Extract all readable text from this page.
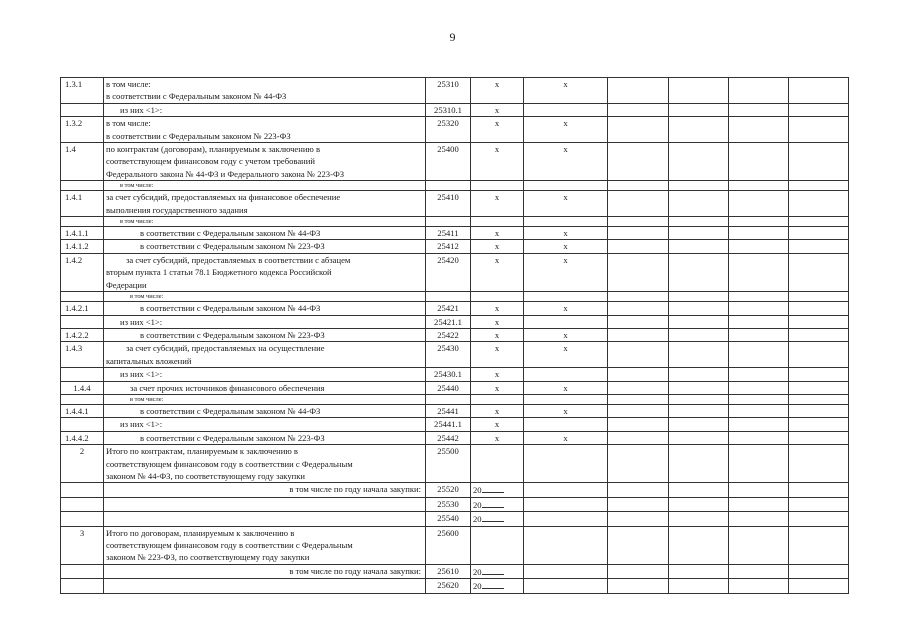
9
1.3.1	в том числе:
в соответствии с Федеральным законом № 44-ФЗ	25310	х	х				

	из них <1>:	25310.1	х					
1.3.2	в том числе:
в соответствии с Федеральным законом № 223-ФЗ	25320	х	х				
1.4	по контрактам (договорам), планируемым к заключению в
соответствующем финансовом году с учетом требований
Федерального закона № 44-ФЗ и Федерального закона № 223-ФЗ	25400	х	х				

	в том числе:							

1.4.1	за счет субсидий, предоставляемых на финансовое обеспечение
выполнения государственного задания	25410	х	х				

	в том числе:							

1.4.1.1	в соответствии с Федеральным законом № 44-ФЗ	25411	х	х				
1.4.1.2	в соответствии с Федеральным законом № 223-ФЗ	25412	х	х				
1.4.2	за счет субсидий, предоставляемых в соответствии с абзацем
вторым пункта 1 статьи 78.1 Бюджетного кодекса Российской
Федерации	25420	х	х				

	в том числе:							

1.4.2.1	в соответствии с Федеральным законом № 44-ФЗ	25421	х	х				

	из них <1>:	25421.1	х					
1.4.2.2	в соответствии с Федеральным законом № 223-ФЗ	25422	х	х				
1.4.3	за счет субсидий, предоставляемых на осуществление
капитальных вложений	25430	х	х				

	из них <1>:	25430.1	х					
1.4.4	за счет прочих источников финансового обеспечения	25440	х	х				

	в том числе:							

1.4.4.1	в соответствии с Федеральным законом № 44-ФЗ	25441	х	х				

	из них <1>:	25441.1	х					
1.4.4.2	в соответствии с Федеральным законом № 223-ФЗ	25442	х	х				
2	Итого по контрактам, планируемым к заключению в
соответствующем финансовом году в соответствии с Федеральным
законом № 44-ФЗ, по соответствующему году закупки	25500						

	в том числе по году начала закупки:	25520	20					

	25530	20					

	25540	20					
3	Итого по договорам, планируемым к заключению в
соответствующем финансовом году в соответствии с Федеральным
законом № 223-ФЗ, по соответствующему году закупки	25600						

	в том числе по году начала закупки:	25610	20					

	25620	20					
